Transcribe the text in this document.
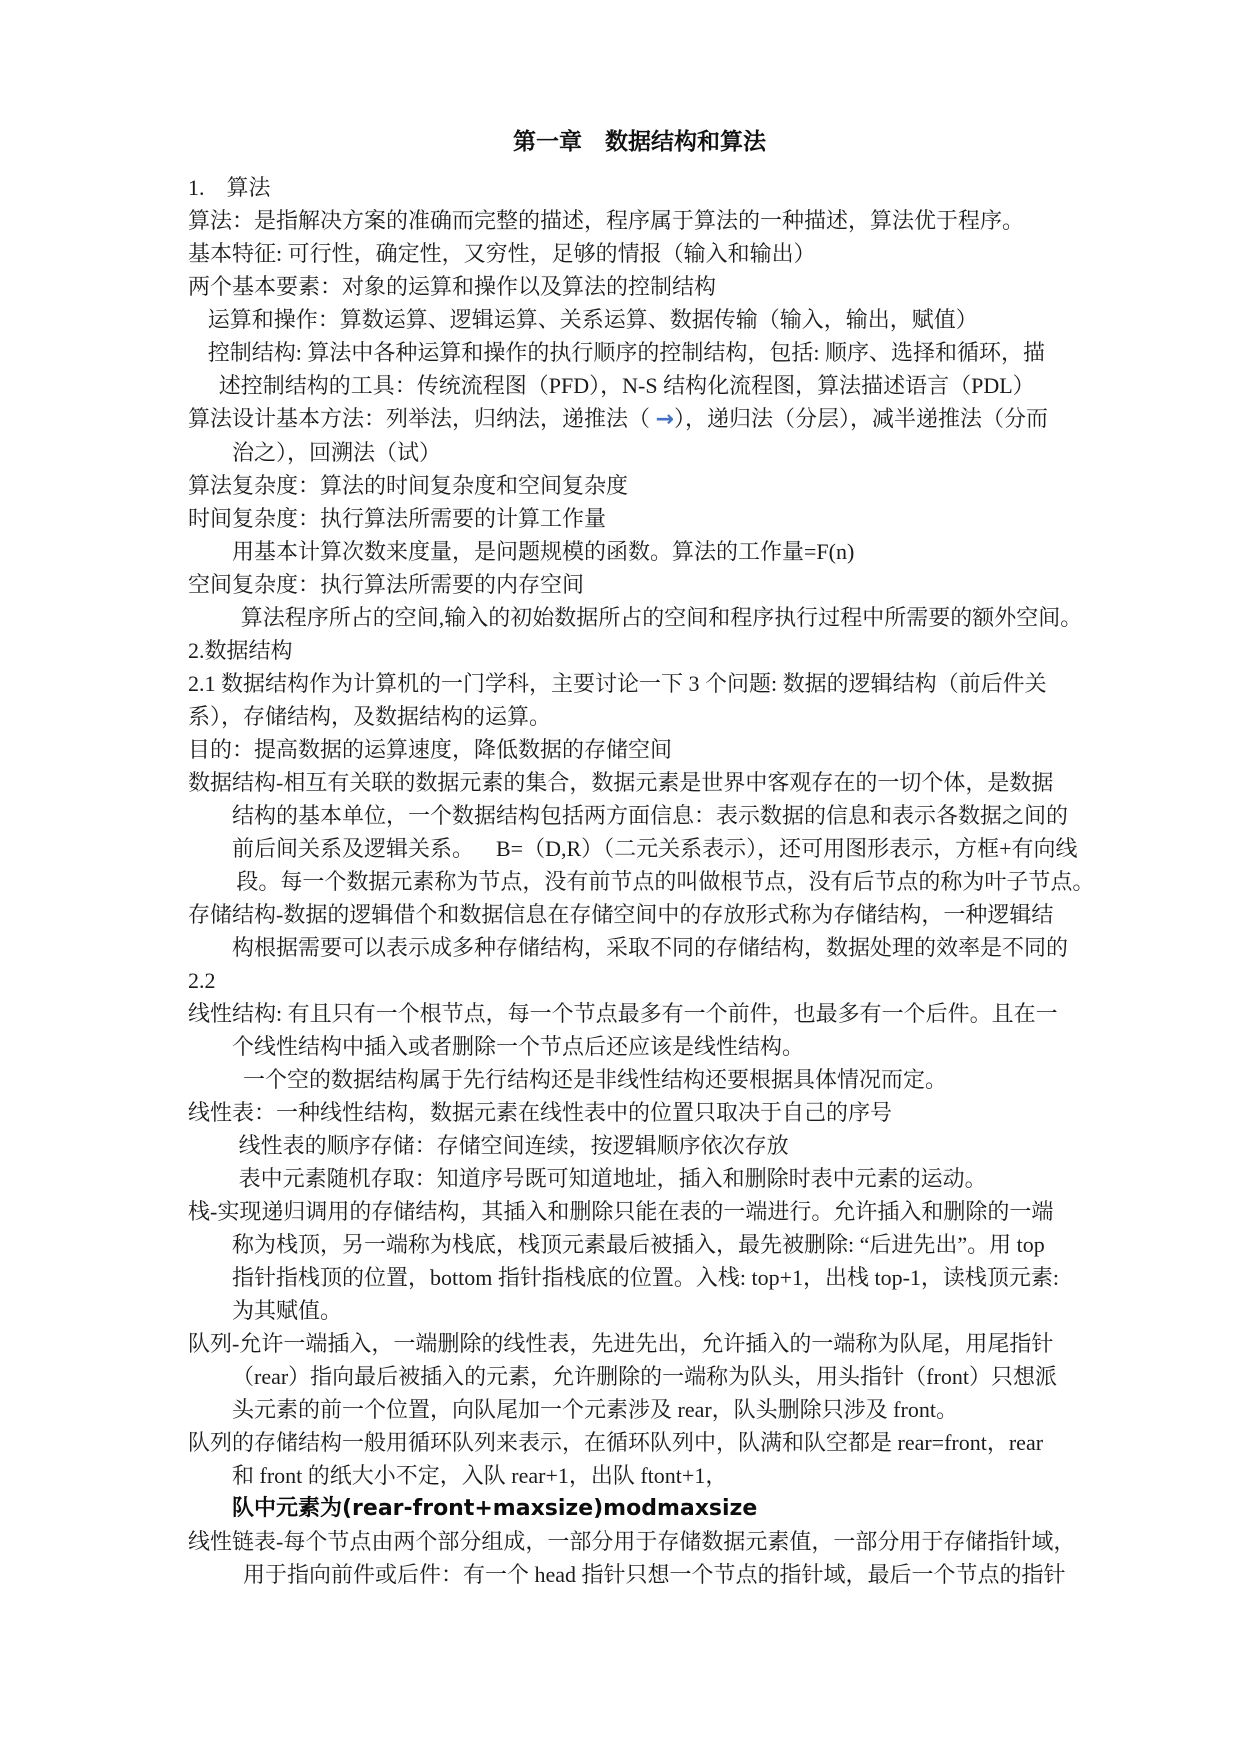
第一章　数据结构和算法
1.　算法
算法：是指解决方案的准确而完整的描述，程序属于算法的一种描述，算法优于程序。
基本特征: 可行性，确定性，又穷性，足够的情报（输入和输出）
两个基本要素：对象的运算和操作以及算法的控制结构
运算和操作：算数运算、逻辑运算、关系运算、数据传输（输入，输出，赋值）
控制结构: 算法中各种运算和操作的执行顺序的控制结构，包括: 顺序、选择和循环，描
述控制结构的工具：传统流程图（PFD），N-S 结构化流程图，算法描述语言（PDL）
算法设计基本方法：列举法，归纳法，递推法（ →），递归法（分层），减半递推法（分而
治之），回溯法（试）
算法复杂度：算法的时间复杂度和空间复杂度
时间复杂度：执行算法所需要的计算工作量
用基本计算次数来度量，是问题规模的函数。算法的工作量=F(n)
空间复杂度：执行算法所需要的内存空间
算法程序所占的空间,输入的初始数据所占的空间和程序执行过程中所需要的额外空间。
2.数据结构
2.1 数据结构作为计算机的一门学科，主要讨论一下 3 个问题: 数据的逻辑结构（前后件关
系），存储结构，及数据结构的运算。
目的：提高数据的运算速度，降低数据的存储空间
数据结构-相互有关联的数据元素的集合，数据元素是世界中客观存在的一切个体，是数据
结构的基本单位，一个数据结构包括两方面信息：表示数据的信息和表示各数据之间的
前后间关系及逻辑关系。　  B=（D,R）（二元关系表示），还可用图形表示，方框+有向线
段。每一个数据元素称为节点，没有前节点的叫做根节点，没有后节点的称为叶子节点。
存储结构-数据的逻辑借个和数据信息在存储空间中的存放形式称为存储结构，一种逻辑结
构根据需要可以表示成多种存储结构，采取不同的存储结构，数据处理的效率是不同的
2.2
线性结构: 有且只有一个根节点，每一个节点最多有一个前件，也最多有一个后件。且在一
个线性结构中插入或者删除一个节点后还应该是线性结构。
一个空的数据结构属于先行结构还是非线性结构还要根据具体情况而定。
线性表：一种线性结构，数据元素在线性表中的位置只取决于自己的序号
线性表的顺序存储：存储空间连续，按逻辑顺序依次存放
表中元素随机存取：知道序号既可知道地址，插入和删除时表中元素的运动。
栈-实现递归调用的存储结构，其插入和删除只能在表的一端进行。允许插入和删除的一端
称为栈顶，另一端称为栈底，栈顶元素最后被插入，最先被删除: “后进先出”。用 top
指针指栈顶的位置，bottom 指针指栈底的位置。入栈: top+1，出栈 top-1，读栈顶元素:
为其赋值。
队列-允许一端插入，一端删除的线性表，先进先出，允许插入的一端称为队尾，用尾指针
（rear）指向最后被插入的元素，允许删除的一端称为队头，用头指针（front）只想派
头元素的前一个位置，向队尾加一个元素涉及 rear，队头删除只涉及 front。
队列的存储结构一般用循环队列来表示，在循环队列中，队满和队空都是 rear=front，rear
和 front 的纸大小不定，入队 rear+1，出队 ftont+1，
队中元素为(rear-front+maxsize)modmaxsize
线性链表-每个节点由两个部分组成，一部分用于存储数据元素值，一部分用于存储指针域，
用于指向前件或后件：有一个 head 指针只想一个节点的指针域，最后一个节点的指针
